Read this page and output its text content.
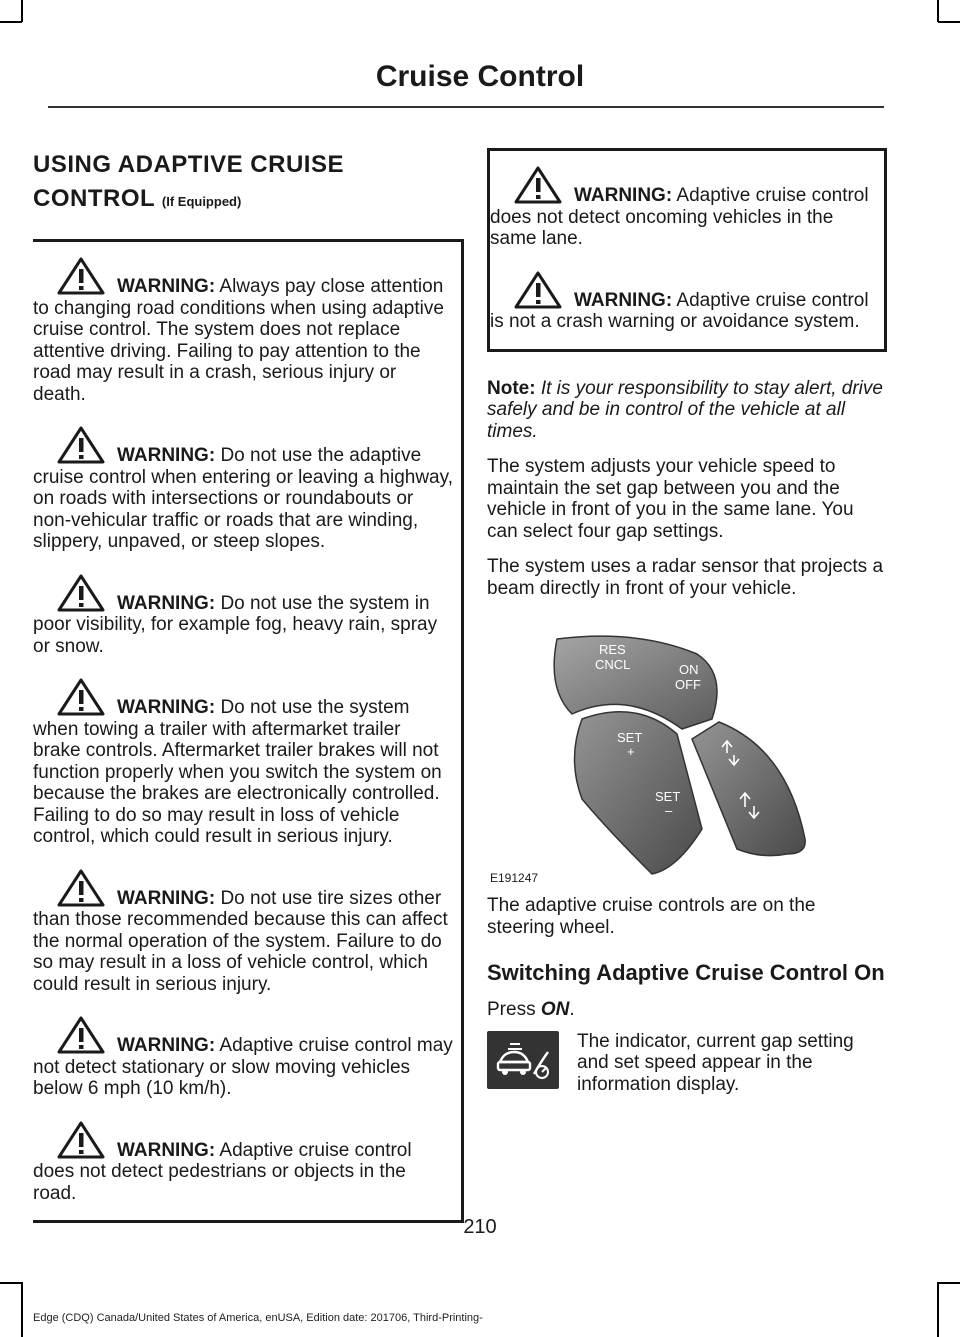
Cruise Control
USING ADAPTIVE CRUISE CONTROL (If Equipped)

WARNING: Always pay close attention to changing road conditions when using adaptive cruise control. The system does not replace attentive driving. Failing to pay attention to the road may result in a crash, serious injury or death.

WARNING: Do not use the adaptive cruise control when entering or leaving a highway, on roads with intersections or roundabouts or non-vehicular traffic or roads that are winding, slippery, unpaved, or steep slopes.

WARNING: Do not use the system in poor visibility, for example fog, heavy rain, spray or snow.

WARNING: Do not use the system when towing a trailer with aftermarket trailer brake controls. Aftermarket trailer brakes will not function properly when you switch the system on because the brakes are electronically controlled. Failing to do so may result in loss of vehicle control, which could result in serious injury.

WARNING: Do not use tire sizes other than those recommended because this can affect the normal operation of the system. Failure to do so may result in a loss of vehicle control, which could result in serious injury.

WARNING: Adaptive cruise control may not detect stationary or slow moving vehicles below 6 mph (10 km/h).

WARNING: Adaptive cruise control does not detect pedestrians or objects in the road.

WARNING: Adaptive cruise control does not detect oncoming vehicles in the same lane.

WARNING: Adaptive cruise control is not a crash warning or avoidance system.

Note: It is your responsibility to stay alert, drive safely and be in control of the vehicle at all times.
The system adjusts your vehicle speed to maintain the set gap between you and the vehicle in front of you in the same lane. You can select four gap settings.
The system uses a radar sensor that projects a beam directly in front of your vehicle.
RES
CNCL	ON
OFF
SET
+
SET
–
E191247
The adaptive cruise controls are on the steering wheel.
Switching Adaptive Cruise Control On
Press ON.
The indicator, current gap setting and set speed appear in the information display.
210
Edge (CDQ) Canada/United States of America, enUSA, Edition date: 201706, Third-Printing-
